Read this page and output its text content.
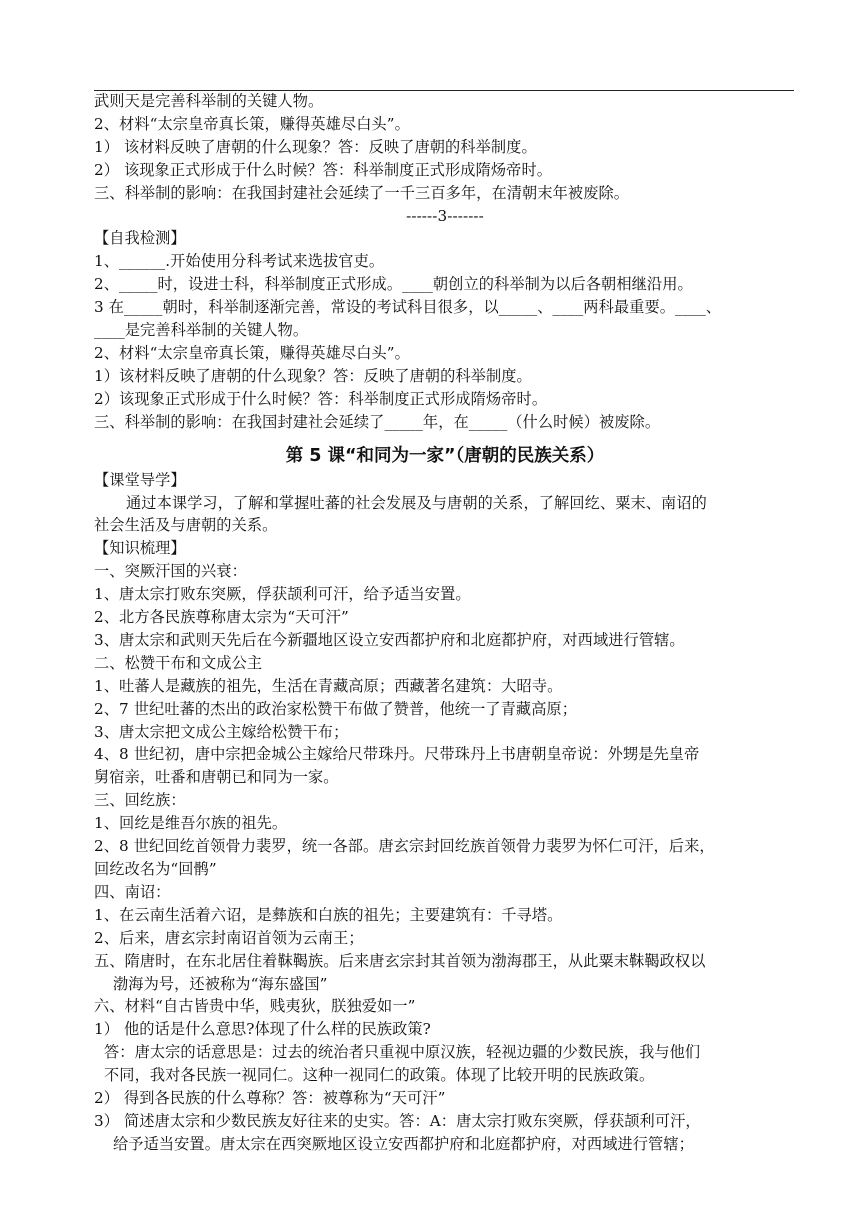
武则天是完善科举制的关键人物。
2、材料“太宗皇帝真长策，赚得英雄尽白头”。
1） 该材料反映了唐朝的什么现象？答：反映了唐朝的科举制度。
2） 该现象正式形成于什么时候？答：科举制度正式形成隋炀帝时。
三、科举制的影响：在我国封建社会延续了一千三百多年，在清朝末年被废除。
------3-------
【自我检测】
1、______.开始使用分科考试来选拔官吏。
2、_____时，设进士科，科举制度正式形成。____朝创立的科举制为以后各朝相继沿用。
3 在_____朝时，科举制逐渐完善，常设的考试科目很多，以_____、____两科最重要。____、
____是完善科举制的关键人物。
2、材料“太宗皇帝真长策，赚得英雄尽白头”。
1）该材料反映了唐朝的什么现象？答：反映了唐朝的科举制度。
2）该现象正式形成于什么时候？答：科举制度正式形成隋炀帝时。
三、科举制的影响：在我国封建社会延续了_____年，在_____（什么时候）被废除。
第 5 课“和同为一家”（唐朝的民族关系）
【课堂导学】
通过本课学习，了解和掌握吐蕃的社会发展及与唐朝的关系，了解回纥、粟末、南诏的
社会生活及与唐朝的关系。
【知识梳理】
一、突厥汗国的兴衰：
1、唐太宗打败东突厥，俘获颉利可汗，给予适当安置。
2、北方各民族尊称唐太宗为“天可汗”
3、唐太宗和武则天先后在今新疆地区设立安西都护府和北庭都护府，对西域进行管辖。
二、松赞干布和文成公主
1、吐蕃人是藏族的祖先，生活在青藏高原；西藏著名建筑：大昭寺。
2、7 世纪吐蕃的杰出的政治家松赞干布做了赞普，他统一了青藏高原；
3、唐太宗把文成公主嫁给松赞干布；
4、8 世纪初，唐中宗把金城公主嫁给尺带珠丹。尺带珠丹上书唐朝皇帝说：外甥是先皇帝
舅宿亲，吐番和唐朝已和同为一家。
三、回纥族：
1、回纥是维吾尔族的祖先。
2、8 世纪回纥首领骨力裴罗，统一各部。唐玄宗封回纥族首领骨力裴罗为怀仁可汗，后来，
回纥改名为“回鹘”
四、南诏：
1、在云南生活着六诏，是彝族和白族的祖先；主要建筑有：千寻塔。
2、后来，唐玄宗封南诏首领为云南王；
五、隋唐时，在东北居住着靺鞨族。后来唐玄宗封其首领为渤海郡王，从此粟末靺鞨政权以
渤海为号，还被称为“海东盛国”
六、材料“自古皆贵中华，贱夷狄，朕独爱如一”
1） 他的话是什么意思?体现了什么样的民族政策?
答：唐太宗的话意思是：过去的统治者只重视中原汉族，轻视边疆的少数民族，我与他们
不同，我对各民族一视同仁。这种一视同仁的政策。体现了比较开明的民族政策。
2） 得到各民族的什么尊称？答：被尊称为“天可汗”
3） 简述唐太宗和少数民族友好往来的史实。答：A：唐太宗打败东突厥，俘获颉利可汗，
给予适当安置。唐太宗在西突厥地区设立安西都护府和北庭都护府，对西域进行管辖；
